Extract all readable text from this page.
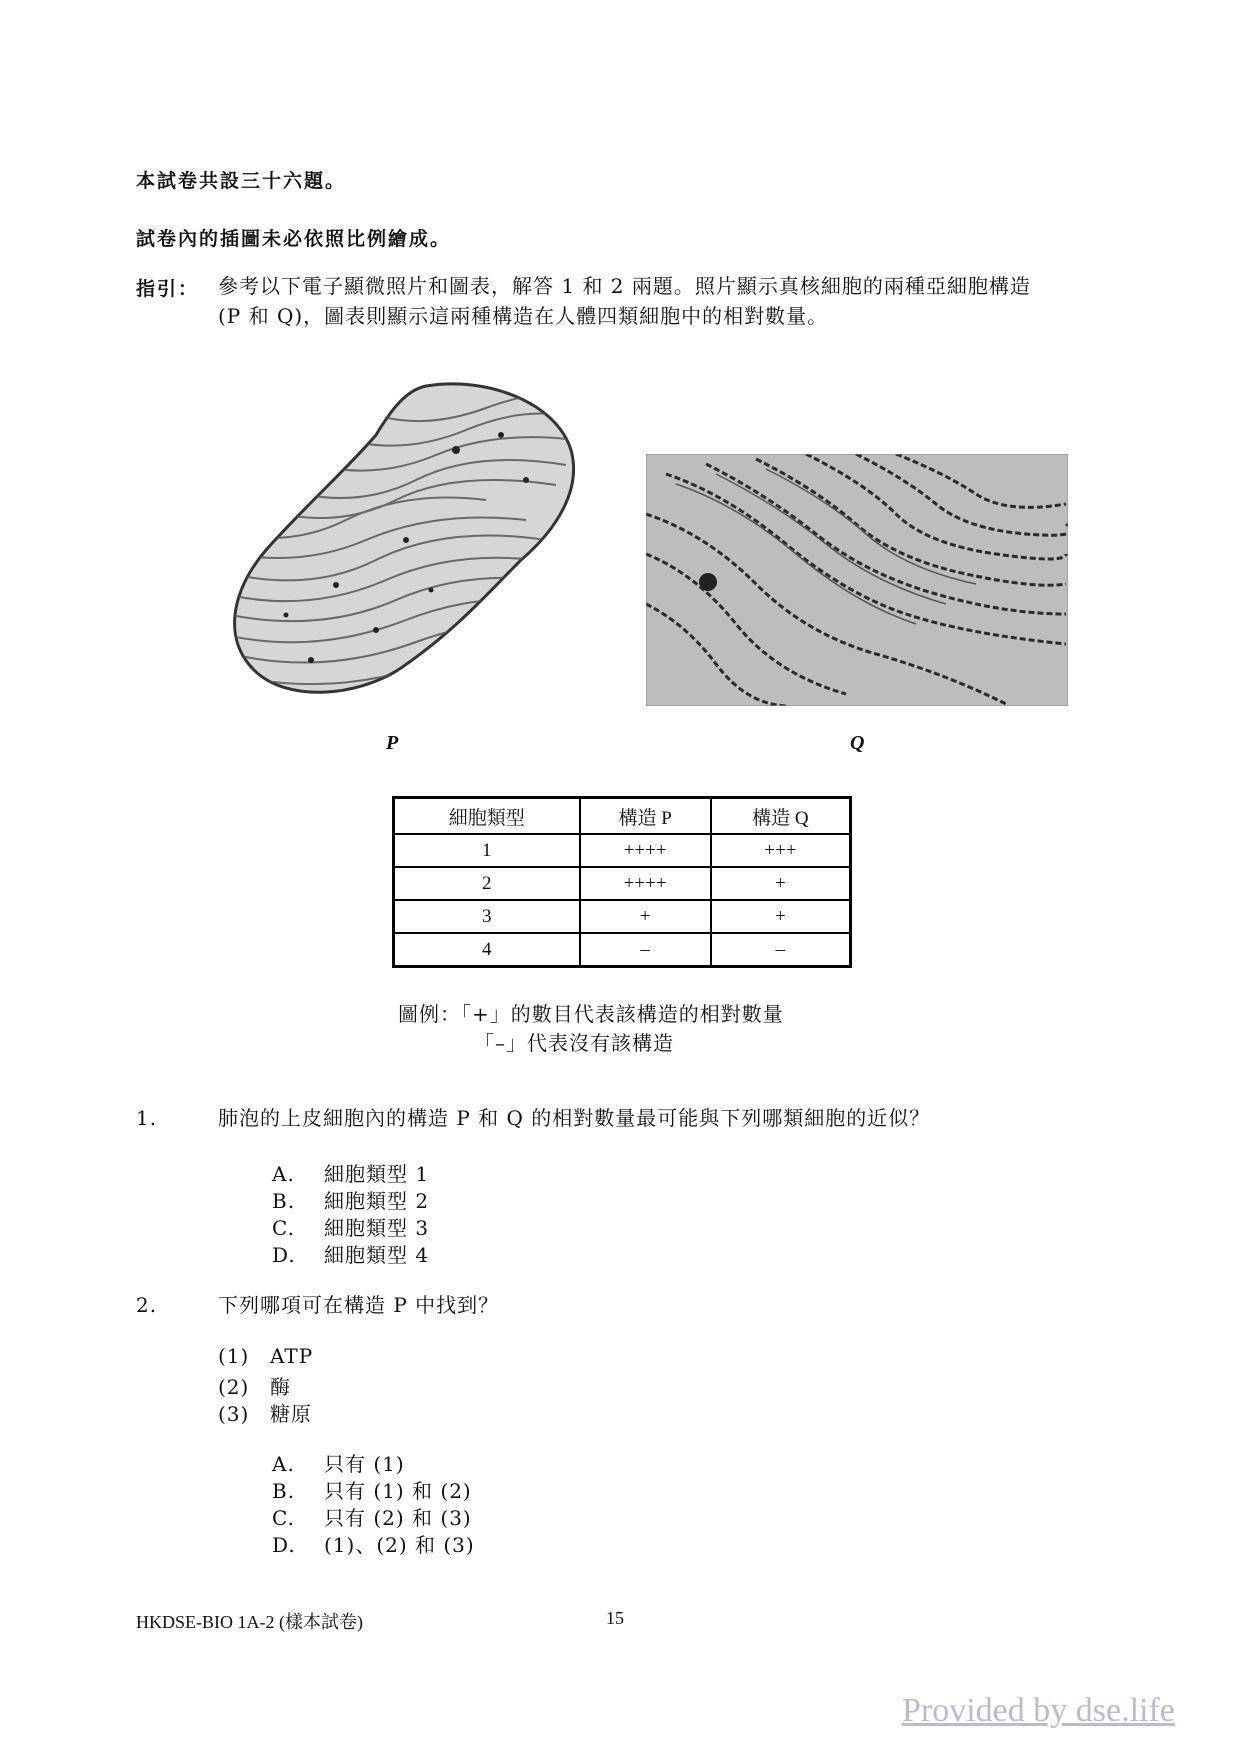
本試卷共設三十六題。
試卷內的插圖未必依照比例繪成。
指引： 參考以下電子顯微照片和圖表，解答 1 和 2 兩題。照片顯示真核細胞的兩種亞細胞構造
(P 和 Q)，圖表則顯示這兩種構造在人體四類細胞中的相對數量。
P	Q
細胞類型	構造 P	構造 Q
1	++++	+++
2	++++	+
3	+	+
4	–	–
圖例：「+」的數目代表該構造的相對數量
「–」代表沒有該構造
1.	肺泡的上皮細胞內的構造 P 和 Q 的相對數量最可能與下列哪類細胞的近似？
A. 細胞類型 1
B. 細胞類型 2
C. 細胞類型 3
D. 細胞類型 4
2.	下列哪項可在構造 P 中找到？
(1) ATP
(2) 酶
(3) 糖原
A. 只有 (1)
B. 只有 (1) 和 (2)
C. 只有 (2) 和 (3)
D. (1)、(2) 和 (3)
HKDSE-BIO 1A-2 (樣本試卷)	15
Provided by dse.life
